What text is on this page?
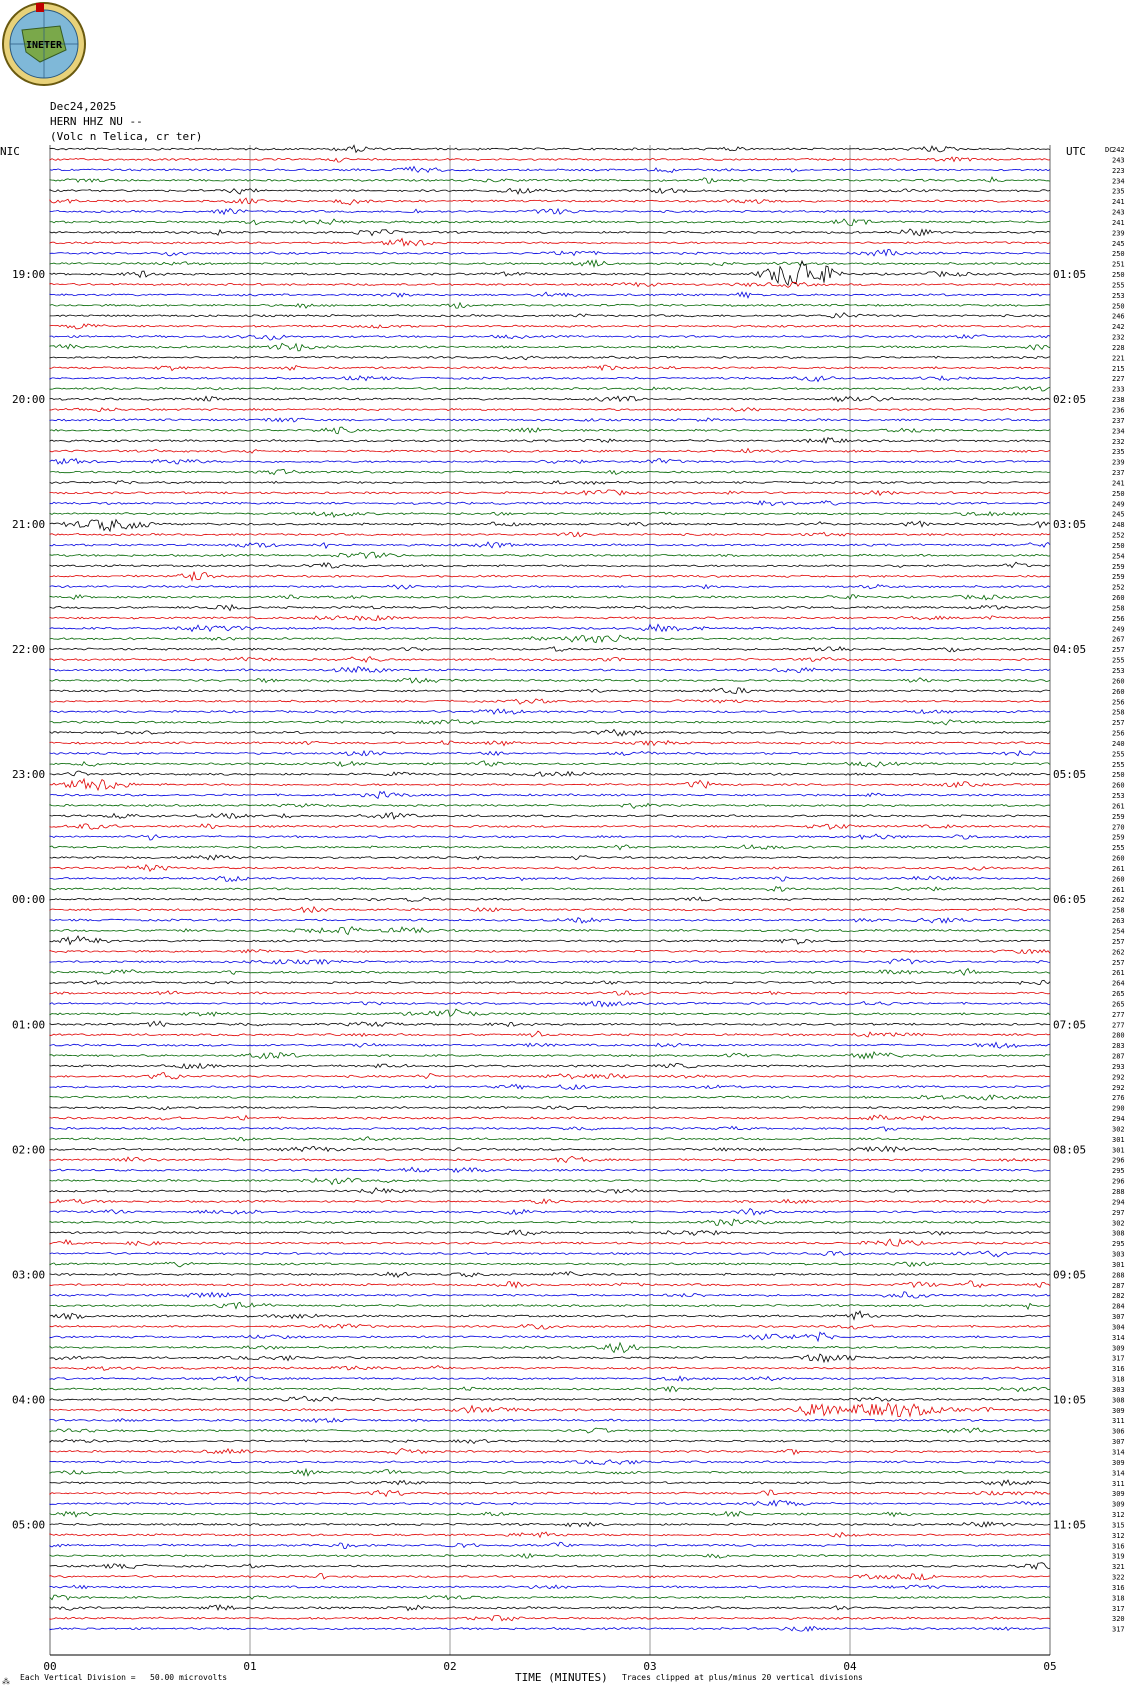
INETER
Dec24,2025
HERN HHZ NU --
(Volc n Telica, cr ter)
NIC	UTC	DC
19:00
20:00
21:00
22:00
23:00
00:00
01:00
02:00
03:00
04:00
05:00
01:05
02:05
03:05
04:05
05:05
06:05
07:05
08:05
09:05
10:05
11:05
242
243
223
234
235
241
243
241
239
245
250
251
250
255
253
250
246
242
232
228
221
215
227
233
238
236
237
234
232
235
239
237
241
250
249
245
248
252
250
254
259
259
252
260
258
256
249
267
257
255
253
260
260
256
258
257
256
240
255
255
250
260
253
261
259
270
259
255
260
261
260
261
262
258
263
254
257
262
257
261
264
265
265
277
277
280
283
287
293
292
292
276
290
294
302
301
301
296
295
296
288
294
297
302
308
295
303
301
288
287
282
284
307
304
314
309
317
316
318
303
308
309
311
306
307
314
309
314
311
309
309
312
315
312
316
319
321
322
316
318
317
320
317
00	01	02	03	04	05
⁂ Each Vertical Division =   50.00 microvolts	TIME (MINUTES) Traces clipped at plus/minus 20 vertical divisions
